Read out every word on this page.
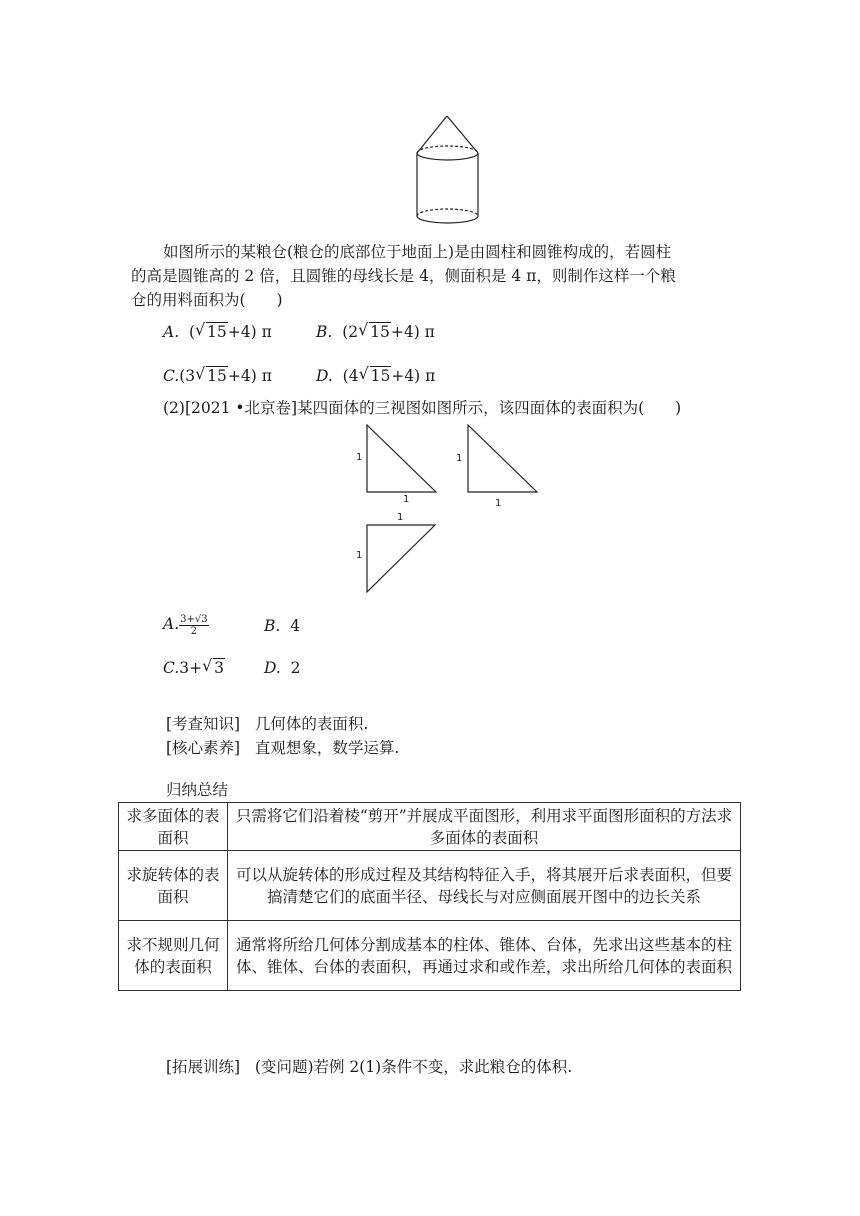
如图所示的某粮仓(粮仓的底部位于地面上)是由圆柱和圆锥构成的，若圆柱
的高是圆锥高的 2 倍，且圆锥的母线长是 4，侧面积是 4 π，则制作这样一个粮
仓的用料面积为(　　)
A. ( √ 15+4) π	B. (2 √ 15+4) π
C.(3 √ 15+4) π	D. (4 √ 15+4) π
(2)[2021 •北京卷]某四面体的三视图如图所示，该四面体的表面积为(　　)
1
1
1
1
1
1
A. $\frac{3+√3}{2}$	B. 4
C.3+ √ 3	D. 2
[考查知识] 几何体的表面积.
[核心素养] 直观想象，数学运算.
归纳总结
求多面体的表面积	只需将它们沿着棱“剪开”并展成平面图形，利用求平面图形面积的方法求多面体的表面积
求旋转体的表面积	可以从旋转体的形成过程及其结构特征入手，将其展开后求表面积，但要搞清楚它们的底面半径、母线长与对应侧面展开图中的边长关系
求不规则几何体的表面积	通常将所给几何体分割成基本的柱体、锥体、台体，先求出这些基本的柱体、锥体、台体的表面积，再通过求和或作差，求出所给几何体的表面积
[拓展训练] (变问题)若例 2(1)条件不变，求此粮仓的体积.
